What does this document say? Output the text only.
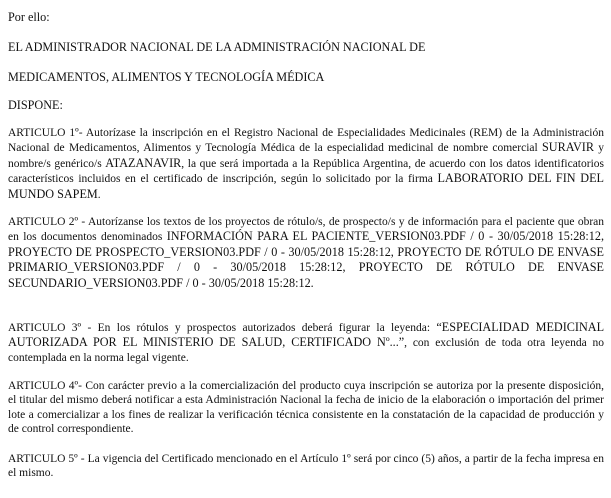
Por ello:
EL ADMINISTRADOR NACIONAL DE LA ADMINISTRACIÓN NACIONAL DE
MEDICAMENTOS, ALIMENTOS Y TECNOLOGÍA MÉDICA
DISPONE:
ARTICULO 1º- Autorízase la inscripción en el Registro Nacional de Especialidades Medicinales (REM) de la Administración Nacional de Medicamentos, Alimentos y Tecnología Médica de la especialidad medicinal de nombre comercial SURAVIR y nombre/s genérico/s ATAZANAVIR, la que será importada a la República Argentina, de acuerdo con los datos identificatorios característicos incluidos en el certificado de inscripción, según lo solicitado por la firma LABORATORIO DEL FIN DEL MUNDO SAPEM.
ARTICULO 2º - Autorízanse los textos de los proyectos de rótulo/s, de prospecto/s y de información para el paciente que obran en los documentos denominados INFORMACIÓN PARA EL PACIENTE_VERSION03.PDF / 0 - 30/05/2018 15:28:12, PROYECTO DE PROSPECTO_VERSION03.PDF / 0 - 30/05/2018 15:28:12, PROYECTO DE RÓTULO DE ENVASE PRIMARIO_VERSION03.PDF / 0 - 30/05/2018 15:28:12, PROYECTO DE RÓTULO DE ENVASE SECUNDARIO_VERSION03.PDF / 0 - 30/05/2018 15:28:12.
ARTICULO 3º - En los rótulos y prospectos autorizados deberá figurar la leyenda: “ESPECIALIDAD MEDICINAL AUTORIZADA POR EL MINISTERIO DE SALUD, CERTIFICADO Nº...”, con exclusión de toda otra leyenda no contemplada en la norma legal vigente.
ARTICULO 4º- Con carácter previo a la comercialización del producto cuya inscripción se autoriza por la presente disposición, el titular del mismo deberá notificar a esta Administración Nacional la fecha de inicio de la elaboración o importación del primer lote a comercializar a los fines de realizar la verificación técnica consistente en la constatación de la capacidad de producción y de control correspondiente.
ARTICULO 5º - La vigencia del Certificado mencionado en el Artículo 1º será por cinco (5) años, a partir de la fecha impresa en el mismo.
